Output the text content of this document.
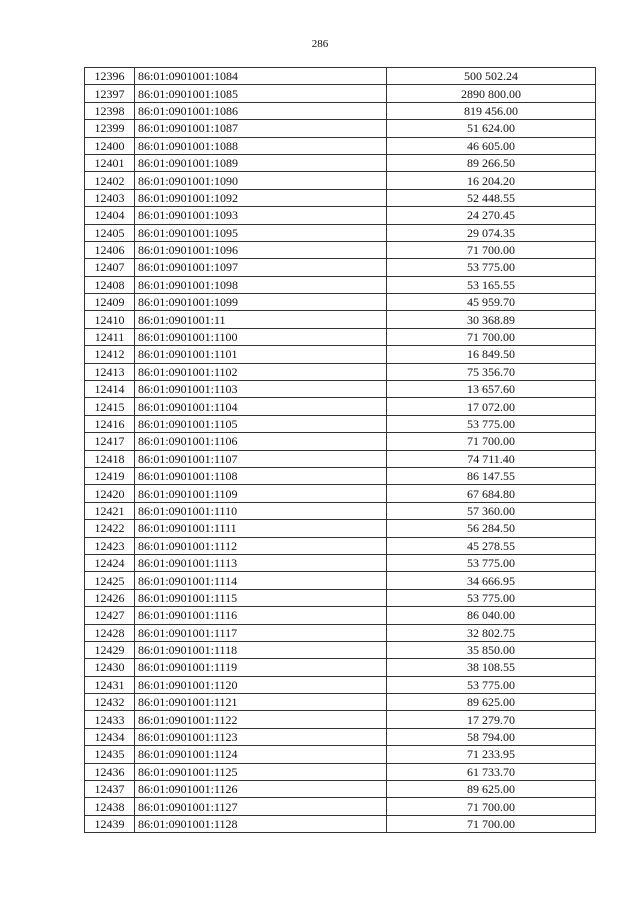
286
12396	86:01:0901001:1084	500 502.24
12397	86:01:0901001:1085	2890 800.00
12398	86:01:0901001:1086	819 456.00
12399	86:01:0901001:1087	51 624.00
12400	86:01:0901001:1088	46 605.00
12401	86:01:0901001:1089	89 266.50
12402	86:01:0901001:1090	16 204.20
12403	86:01:0901001:1092	52 448.55
12404	86:01:0901001:1093	24 270.45
12405	86:01:0901001:1095	29 074.35
12406	86:01:0901001:1096	71 700.00
12407	86:01:0901001:1097	53 775.00
12408	86:01:0901001:1098	53 165.55
12409	86:01:0901001:1099	45 959.70
12410	86:01:0901001:11	30 368.89
12411	86:01:0901001:1100	71 700.00
12412	86:01:0901001:1101	16 849.50
12413	86:01:0901001:1102	75 356.70
12414	86:01:0901001:1103	13 657.60
12415	86:01:0901001:1104	17 072.00
12416	86:01:0901001:1105	53 775.00
12417	86:01:0901001:1106	71 700.00
12418	86:01:0901001:1107	74 711.40
12419	86:01:0901001:1108	86 147.55
12420	86:01:0901001:1109	67 684.80
12421	86:01:0901001:1110	57 360.00
12422	86:01:0901001:1111	56 284.50
12423	86:01:0901001:1112	45 278.55
12424	86:01:0901001:1113	53 775.00
12425	86:01:0901001:1114	34 666.95
12426	86:01:0901001:1115	53 775.00
12427	86:01:0901001:1116	86 040.00
12428	86:01:0901001:1117	32 802.75
12429	86:01:0901001:1118	35 850.00
12430	86:01:0901001:1119	38 108.55
12431	86:01:0901001:1120	53 775.00
12432	86:01:0901001:1121	89 625.00
12433	86:01:0901001:1122	17 279.70
12434	86:01:0901001:1123	58 794.00
12435	86:01:0901001:1124	71 233.95
12436	86:01:0901001:1125	61 733.70
12437	86:01:0901001:1126	89 625.00
12438	86:01:0901001:1127	71 700.00
12439	86:01:0901001:1128	71 700.00
